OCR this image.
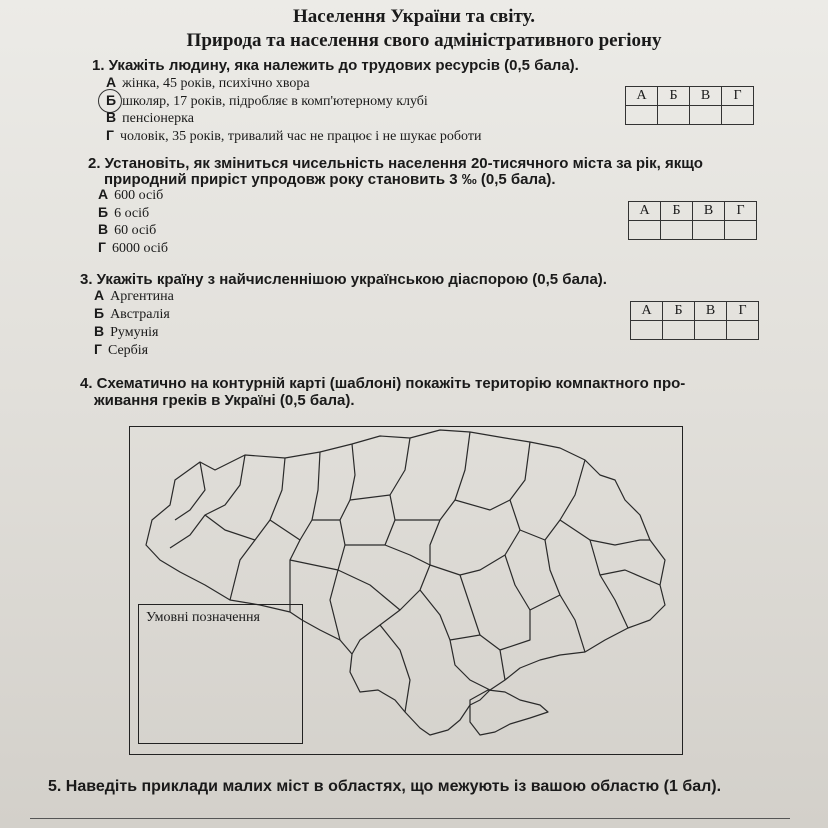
Населення України та світу.
Природа та населення свого адміністративного регіону
1. Укажіть людину, яка належить до трудових ресурсів (0,5 бала).
А жінка, 45 років, психічно хвора
Б школяр, 17 років, підробляє в комп'ютерному клубі
В пенсіонерка
Г чоловік, 35 років, тривалий час не працює і не шукає роботи
А	Б	В	Г

2. Установіть, як зміниться чисельність населення 20-тисячного міста за рік, якщо
природний приріст упродовж року становить 3 ‰ (0,5 бала).
А 600 осіб
Б 6 осіб
В 60 осіб
Г 6000 осіб
А	Б	В	Г

3. Укажіть країну з найчисленнішою українською діаспорою (0,5 бала).
А Аргентина
Б Австралія
В Румунія
Г Сербія
А	Б	В	Г

4. Схематично на контурній карті (шаблоні) покажіть територію компактного про-
живання греків в Україні (0,5 бала).
Умовні позначення
5. Наведіть приклади малих міст в областях, що межують із вашою областю (1 бал).
